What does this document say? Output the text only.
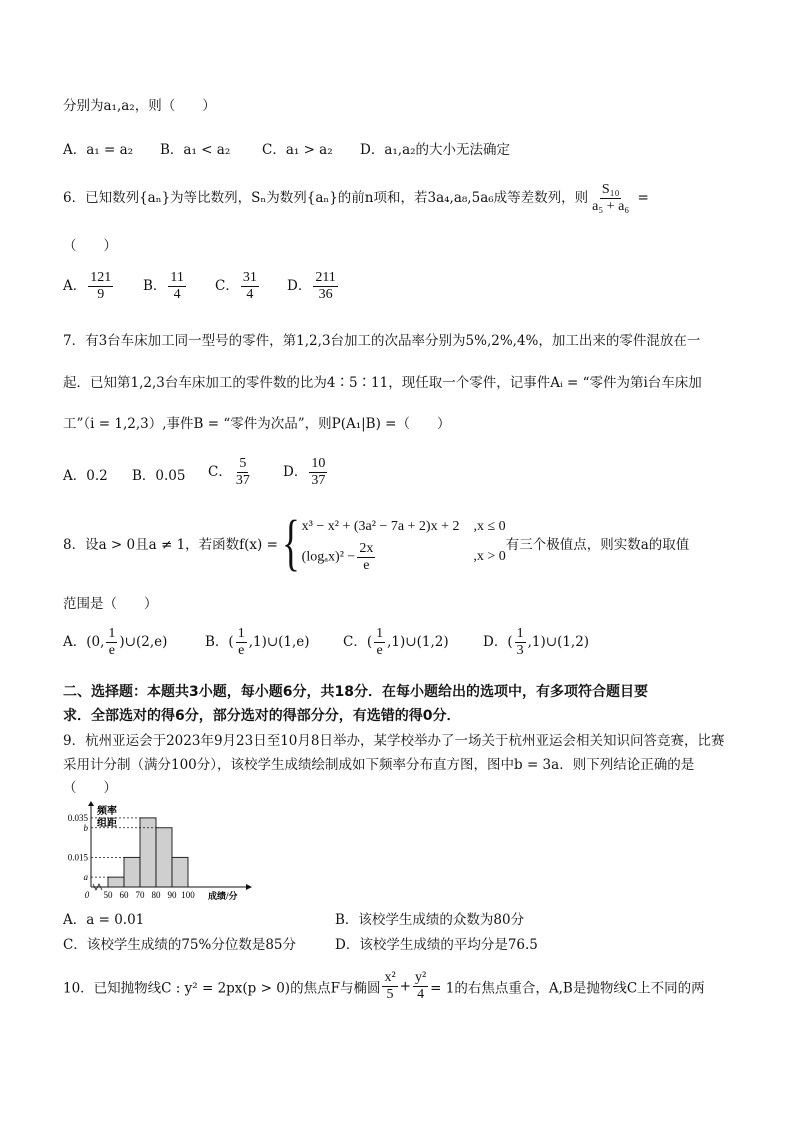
分别为a₁,a₂，则（　　）
A．a₁ = a₂ B．a₁ < a₂ C．a₁ > a₂ D．a₁,a₂的大小无法确定
6．已知数列{aₙ}为等比数列，Sₙ为数列{aₙ}的前n项和，若3a₄,a₈,5a₆成等差数列，则 $\frac{\text{S₁₀}}{\text{a₅ + a₆}}$ =
（　　）
A． $\frac{121}{9}$ B． $\frac{11}{4}$ C． $\frac{31}{4}$ D． $\frac{211}{36}$
7．有3台车床加工同一型号的零件，第1,2,3台加工的次品率分别为5%,2%,4%，加工出来的零件混放在一
起．已知第1,2,3台车床加工的零件数的比为4∶5∶11，现任取一个零件，记事件Aᵢ = “零件为第i台车床加
工”（i = 1,2,3）,事件B = “零件为次品”，则P(A₁|B) =（　　）
A．0.2 B．0.05 C． $\frac{5}{37}$ D． $\frac{10}{37}$
8．设a > 0且a ≠ 1，若函数f(x) = { x³ − x² + (3a² − 7a + 2)x + 2　,x ≤ 0
$(\log_ax)^2 - \frac{2x}{e}$	,x > 0
有三个极值点，则实数a的取值
范围是（　　）
A．(0, $\frac{1}{e}$ )∪(2,e)	B．( $\frac{1}{e}$ ,1)∪(1,e) C．( $\frac{1}{e}$ ,1)∪(1,2)	D．( $\frac{1}{3}$ ,1)∪(1,2)
二、选择题：本题共3小题，每小题6分，共18分．在每小题给出的选项中，有多项符合题目要
求．全部选对的得6分，部分选对的得部分分，有选错的得0分．
9．杭州亚运会于2023年9月23日至10月8日举办，某学校举办了一场关于杭州亚运会相关知识问答竞赛，比赛
采用计分制（满分100分），该校学生成绩绘制成如下频率分布直方图，图中b = 3a．则下列结论正确的是
（　　）
频率
组距
0.035
b
0.015
a
0 50 60 70 80 90 100 成绩/分
A．a = 0.01	B．该校学生成绩的众数为80分
C．该校学生成绩的75%分位数是85分	D．该校学生成绩的平均分是76.5
10．已知抛物线C : y² = 2px(p > 0)的焦点F与椭圆 $\frac{\text{x²}}{5} + \frac{\text{y²}}{4} = 1$的右焦点重合，A,B是抛物线C上不同的两
